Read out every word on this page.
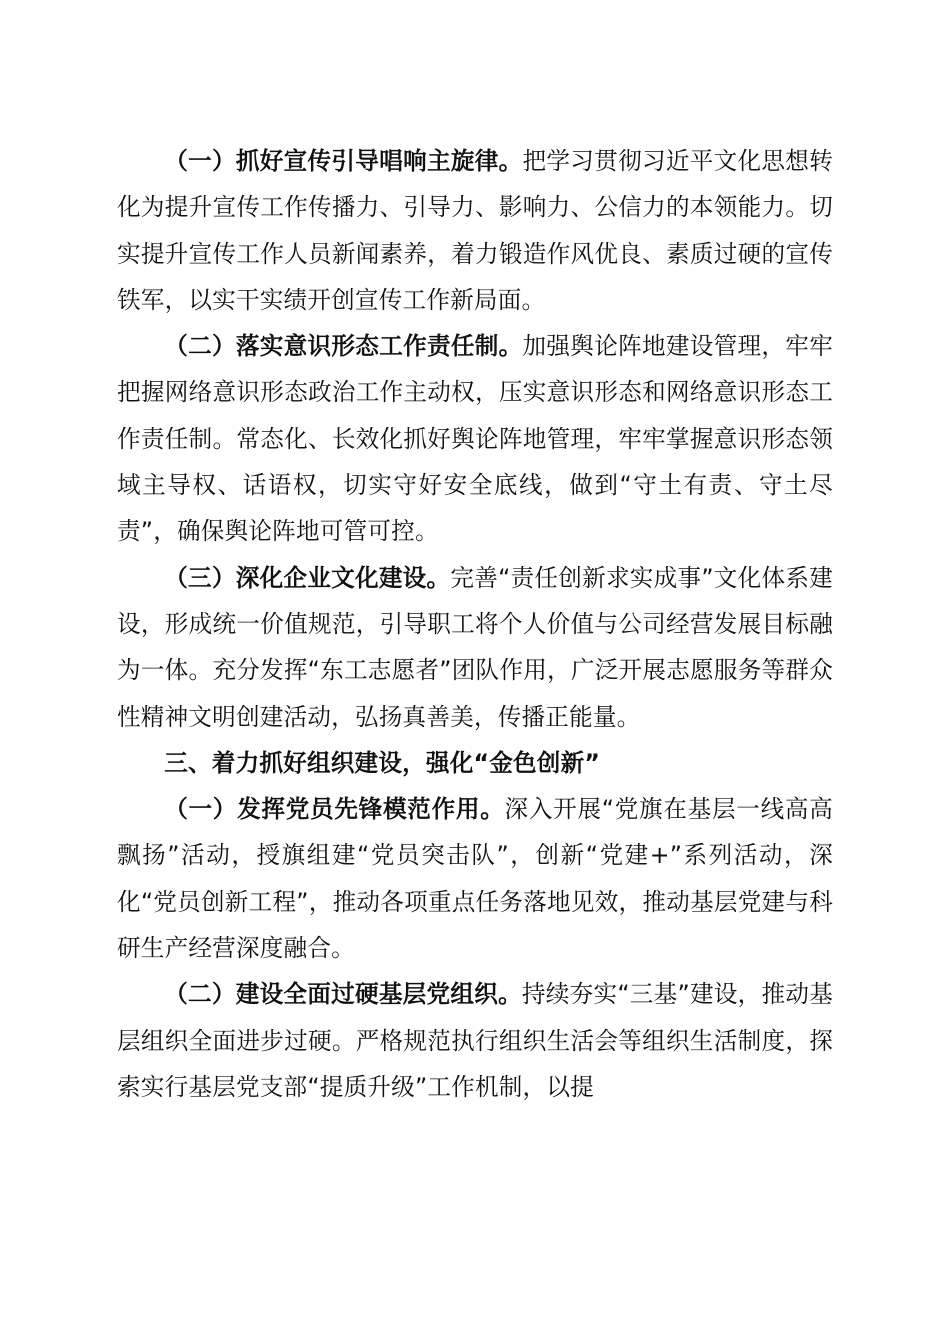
（一）抓好宣传引导唱响主旋律。把学习贯彻习近平文化思想转化为提升宣传工作传播力、引导力、影响力、公信力的本领能力。切实提升宣传工作人员新闻素养，着力锻造作风优良、素质过硬的宣传铁军，以实干实绩开创宣传工作新局面。

（二）落实意识形态工作责任制。加强舆论阵地建设管理，牢牢把握网络意识形态政治工作主动权，压实意识形态和网络意识形态工作责任制。常态化、长效化抓好舆论阵地管理，牢牢掌握意识形态领域主导权、话语权，切实守好安全底线，做到“守土有责、守土尽责”，确保舆论阵地可管可控。

（三）深化企业文化建设。完善“责任创新求实成事”文化体系建设，形成统一价值规范，引导职工将个人价值与公司经营发展目标融为一体。充分发挥“东工志愿者”团队作用，广泛开展志愿服务等群众性精神文明创建活动，弘扬真善美，传播正能量。

三、着力抓好组织建设，强化“金色创新”

（一）发挥党员先锋模范作用。深入开展“党旗在基层一线高高飘扬”活动，授旗组建“党员突击队”，创新“党建+”系列活动，深化“党员创新工程”，推动各项重点任务落地见效，推动基层党建与科研生产经营深度融合。

（二）建设全面过硬基层党组织。持续夯实“三基”建设，推动基层组织全面进步过硬。严格规范执行组织生活会等组织生活制度，探索实行基层党支部“提质升级”工作机制，以提
